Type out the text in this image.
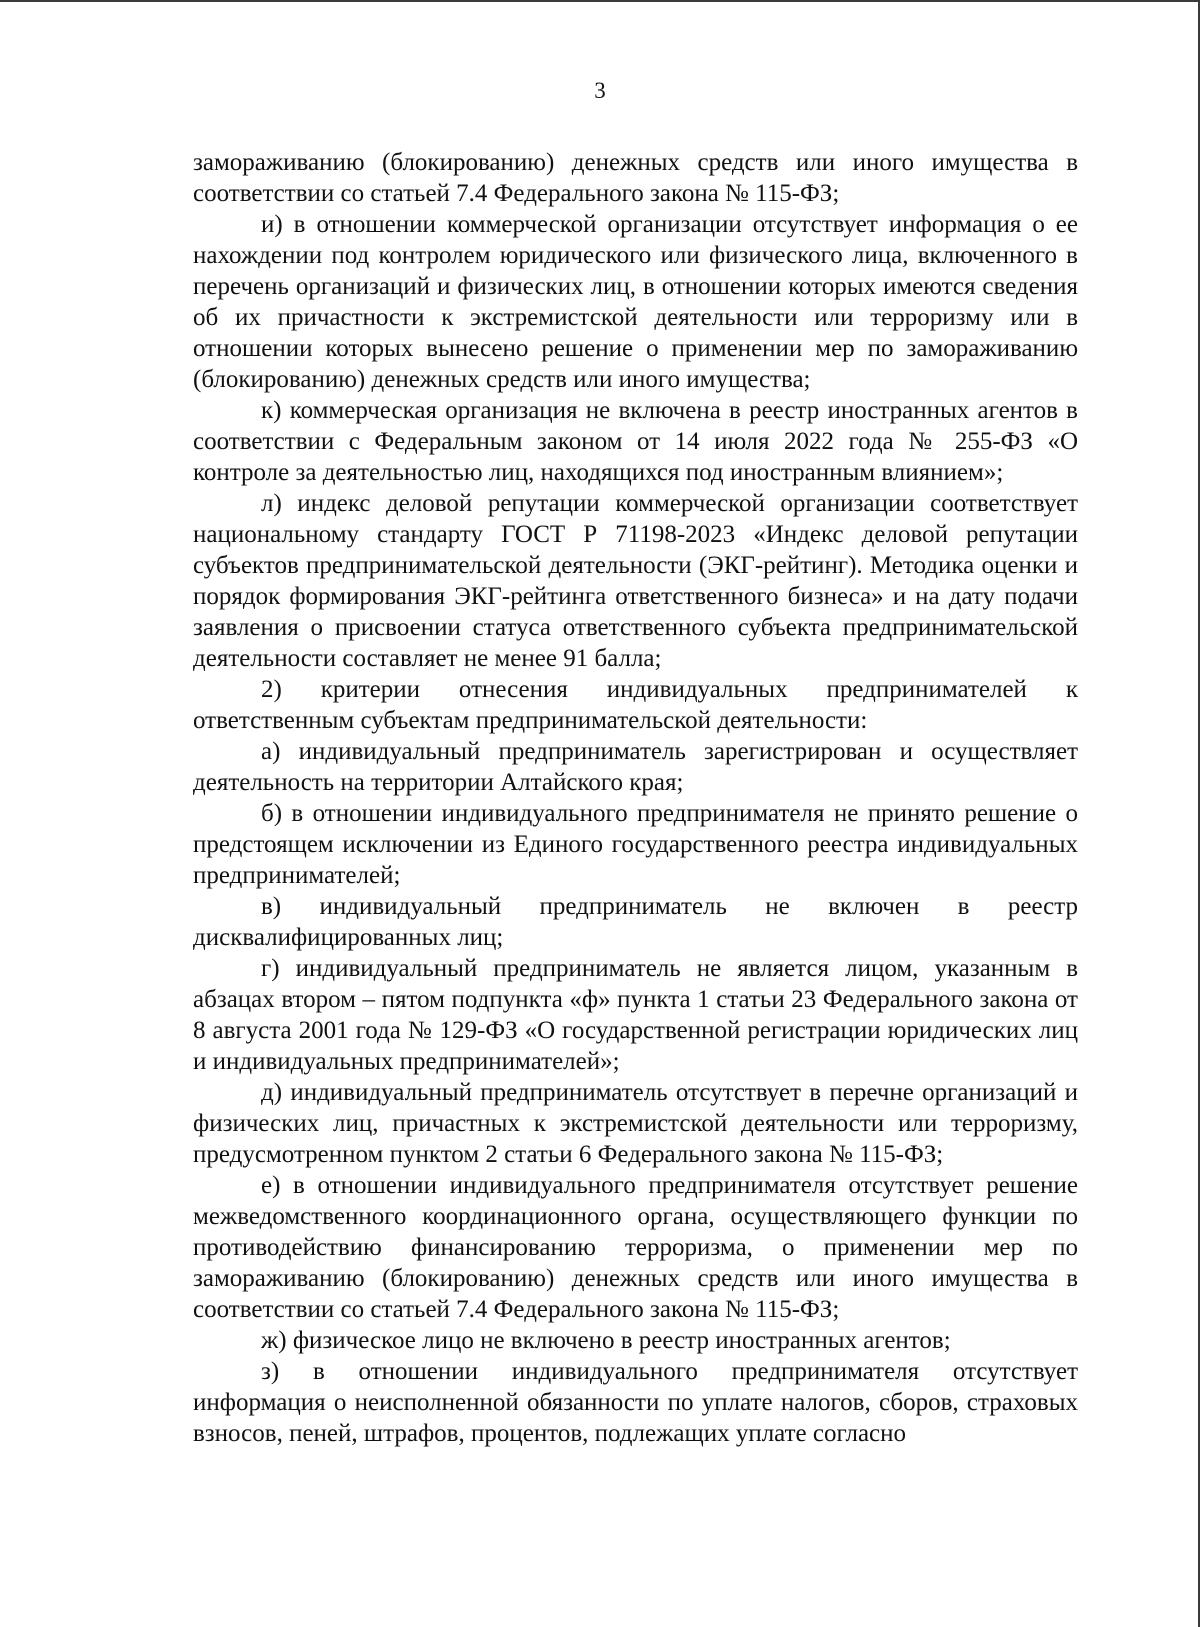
3

замораживанию (блокированию) денежных средств или иного имущества в соответствии со статьей 7.4 Федерального закона № 115-ФЗ;

и) в отношении коммерческой организации отсутствует информация о ее нахождении под контролем юридического или физического лица, включенного в перечень организаций и физических лиц, в отношении которых имеются сведения об их причастности к экстремистской деятельности или терроризму или в отношении которых вынесено решение о применении мер по замораживанию (блокированию) денежных средств или иного имущества;

к) коммерческая организация не включена в реестр иностранных агентов в соответствии с Федеральным законом от 14 июля 2022 года № 255-ФЗ «О контроле за деятельностью лиц, находящихся под иностранным влиянием»;

л) индекс деловой репутации коммерческой организации соответствует национальному стандарту ГОСТ Р 71198-2023 «Индекс деловой репутации субъектов предпринимательской деятельности (ЭКГ-рейтинг). Методика оценки и порядок формирования ЭКГ-рейтинга ответственного бизнеса» и на дату подачи заявления о присвоении статуса ответственного субъекта предпринимательской деятельности составляет не менее 91 балла;

2) критерии отнесения индивидуальных предпринимателей к ответственным субъектам предпринимательской деятельности:

а) индивидуальный предприниматель зарегистрирован и осуществляет деятельность на территории Алтайского края;

б) в отношении индивидуального предпринимателя не принято решение о предстоящем исключении из Единого государственного реестра индивидуальных предпринимателей;

в) индивидуальный предприниматель не включен в реестр дисквалифицированных лиц;

г) индивидуальный предприниматель не является лицом, указанным в абзацах втором – пятом подпункта «ф» пункта 1 статьи 23 Федерального закона от 8 августа 2001 года № 129-ФЗ «О государственной регистрации юридических лиц и индивидуальных предпринимателей»;

д) индивидуальный предприниматель отсутствует в перечне организаций и физических лиц, причастных к экстремистской деятельности или терроризму, предусмотренном пунктом 2 статьи 6 Федерального закона № 115-ФЗ;

е) в отношении индивидуального предпринимателя отсутствует решение межведомственного координационного органа, осуществляющего функции по противодействию финансированию терроризма, о применении мер по замораживанию (блокированию) денежных средств или иного имущества в соответствии со статьей 7.4 Федерального закона № 115-ФЗ;

ж) физическое лицо не включено в реестр иностранных агентов;

з) в отношении индивидуального предпринимателя отсутствует информация о неисполненной обязанности по уплате налогов, сборов, страховых взносов, пеней, штрафов, процентов, подлежащих уплате согласно
